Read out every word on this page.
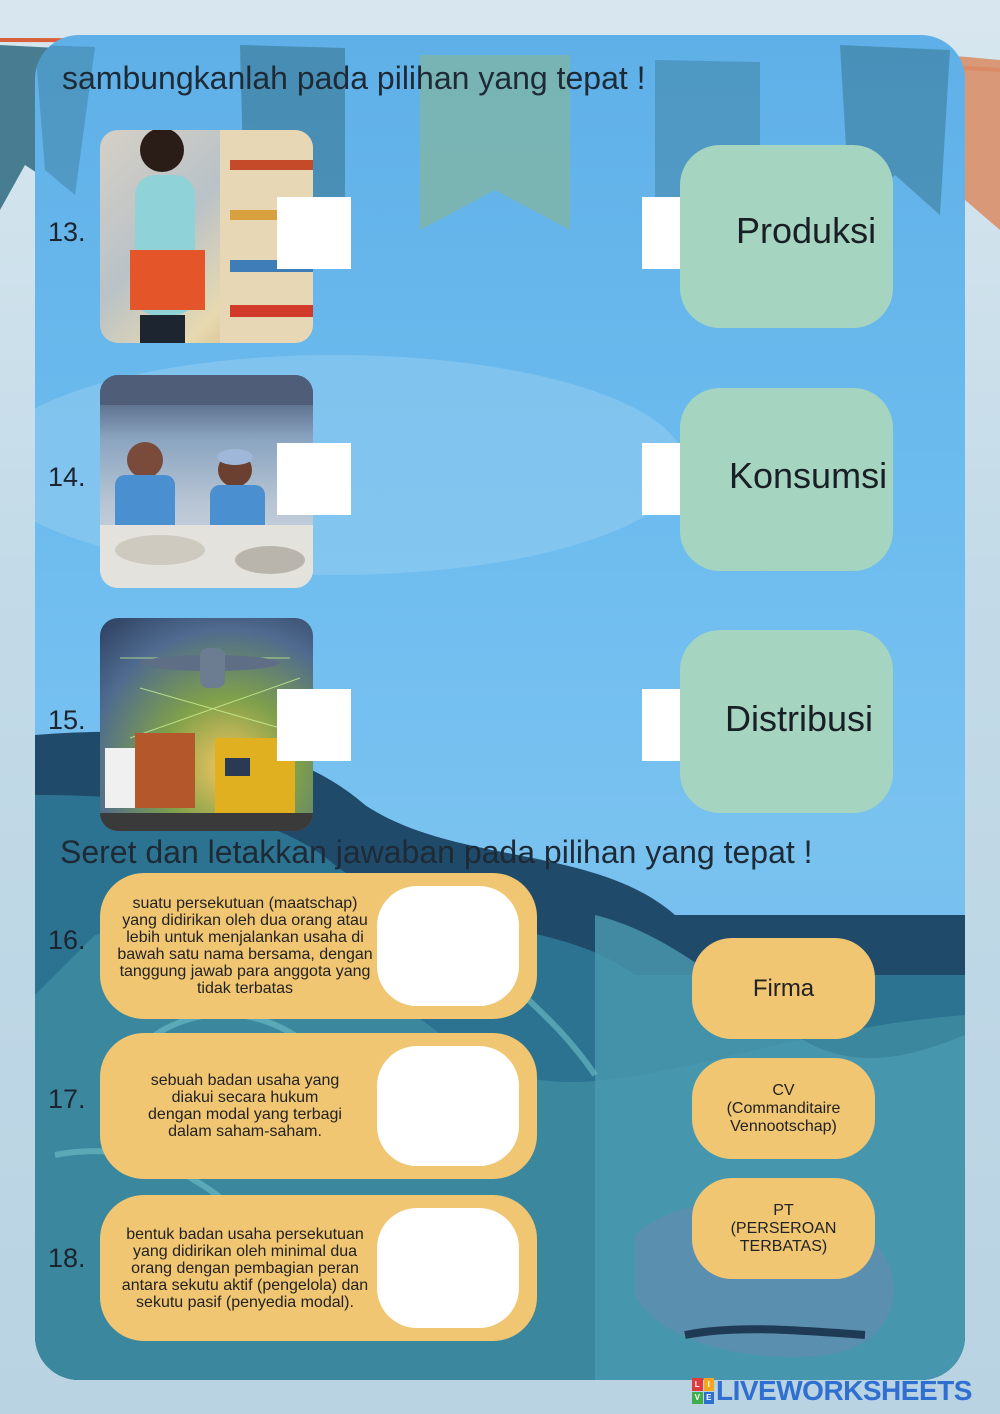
sambungkanlah pada pilihan yang tepat !
13.	Produksi
14.	Konsumsi
15.	Distribusi
Seret dan letakkan jawaban pada pilihan yang tepat !
16.
suatu persekutuan (maatschap) yang didirikan oleh dua orang atau lebih untuk menjalankan usaha di bawah satu nama bersama, dengan tanggung jawab para anggota yang tidak terbatas
17.
sebuah badan usaha yang diakui secara hukum dengan modal yang terbagi dalam saham-saham.
18.
bentuk badan usaha persekutuan yang didirikan oleh minimal dua orang dengan pembagian peran antara sekutu aktif (pengelola) dan sekutu pasif (penyedia modal).
Firma
CV (Commanditaire Vennootschap)
PT (PERSEROAN TERBATAS)
L I
V E LIVEWORKSHEETS
